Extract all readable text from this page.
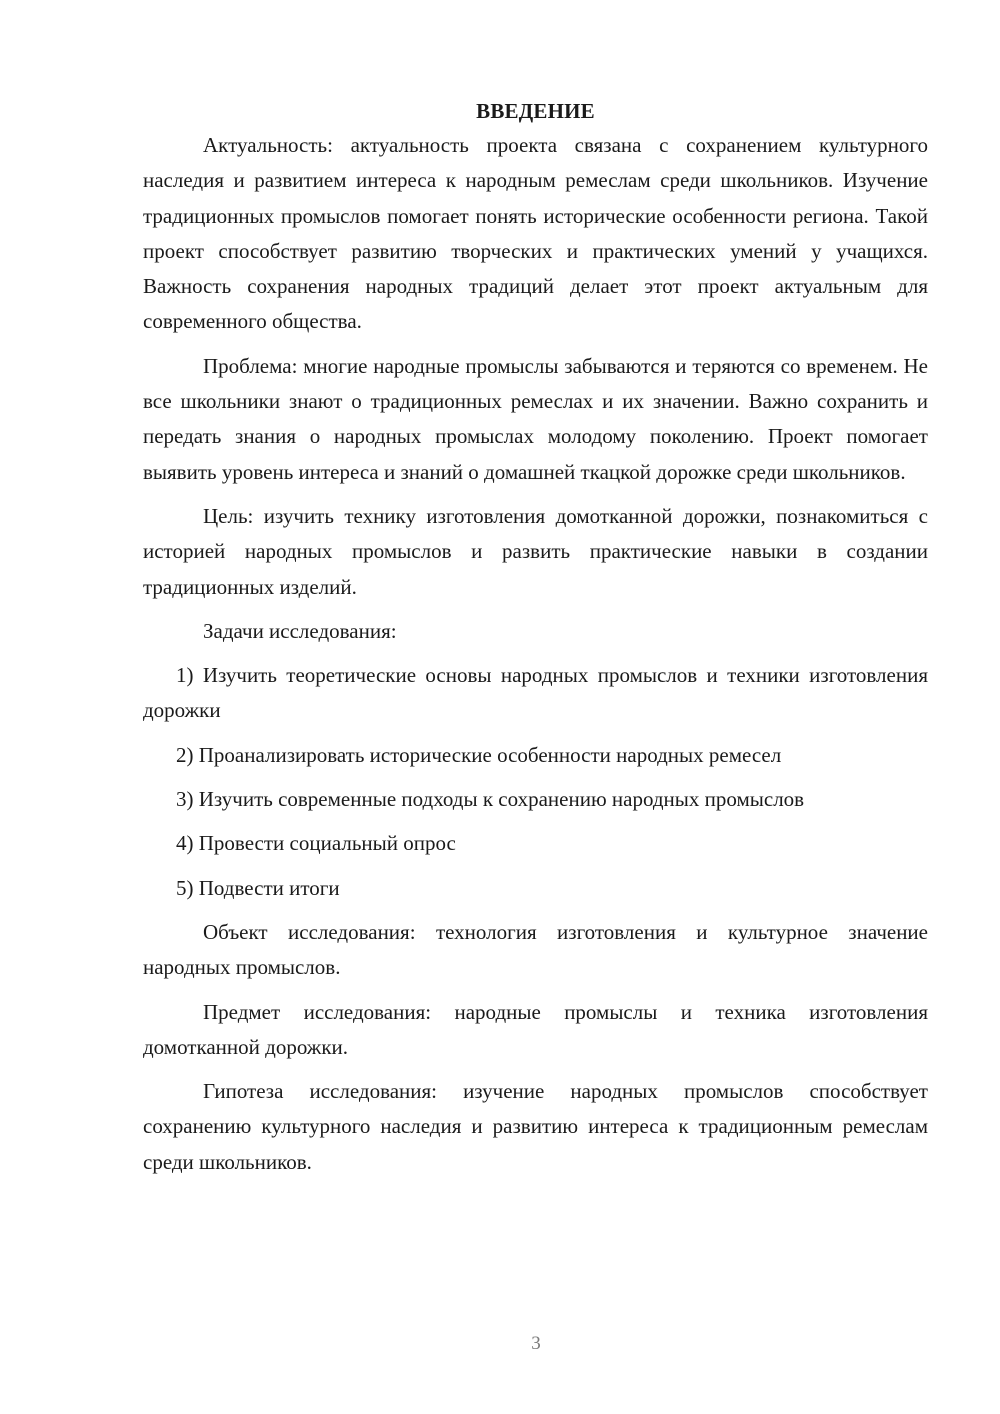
ВВЕДЕНИЕ

Актуальность: актуальность проекта связана с сохранением культурного наследия и развитием интереса к народным ремеслам среди школьников. Изучение традиционных промыслов помогает понять исторические особенности региона. Такой проект способствует развитию творческих и практических умений у учащихся. Важность сохранения народных традиций делает этот проект актуальным для современного общества.

Проблема: многие народные промыслы забываются и теряются со временем. Не все школьники знают о традиционных ремеслах и их значении. Важно сохранить и передать знания о народных промыслах молодому поколению. Проект помогает выявить уровень интереса и знаний о домашней ткацкой дорожке среди школьников.

Цель: изучить технику изготовления домотканной дорожки, познакомиться с историей народных промыслов и развить практические навыки в создании традиционных изделий.

Задачи исследования:

1) Изучить теоретические основы народных промыслов и техники изготовления дорожки

2) Проанализировать исторические особенности народных ремесел

3) Изучить современные подходы к сохранению народных промыслов

4) Провести социальный опрос

5) Подвести итоги

Объект исследования: технология изготовления и культурное значение народных промыслов.

Предмет исследования: народные промыслы и техника изготовления домотканной дорожки.

Гипотеза исследования: изучение народных промыслов способствует сохранению культурного наследия и развитию интереса к традиционным ремеслам среди школьников.

3
